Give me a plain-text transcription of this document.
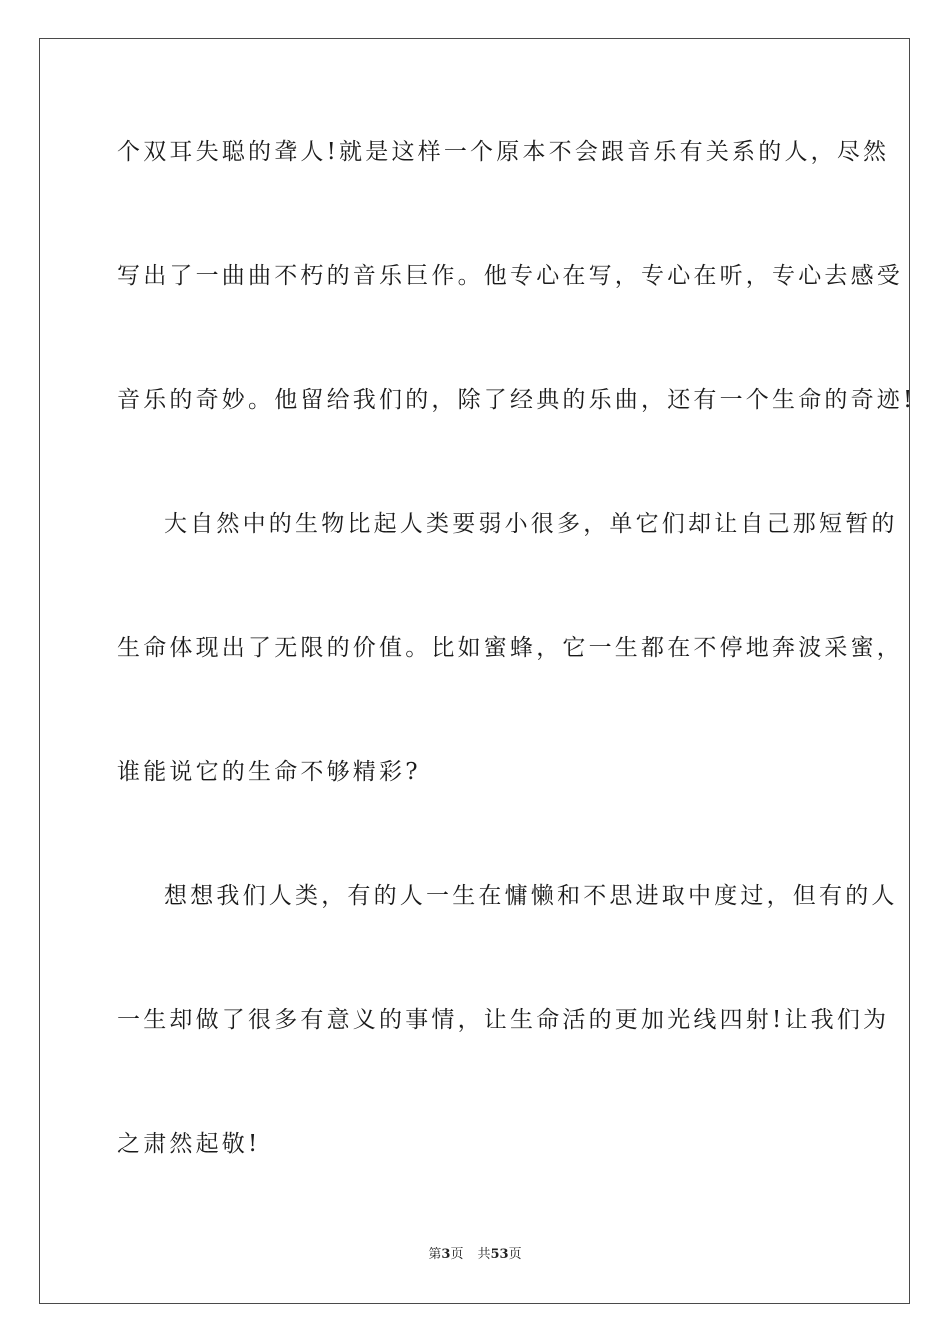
个双耳失聪的聋人!就是这样一个原本不会跟音乐有关系的人，尽然
写出了一曲曲不朽的音乐巨作。他专心在写，专心在听，专心去感受
音乐的奇妙。他留给我们的，除了经典的乐曲，还有一个生命的奇迹!
大自然中的生物比起人类要弱小很多，单它们却让自己那短暂的
生命体现出了无限的价值。比如蜜蜂，它一生都在不停地奔波采蜜，
谁能说它的生命不够精彩?
想想我们人类，有的人一生在慵懒和不思进取中度过，但有的人
一生却做了很多有意义的事情，让生命活的更加光线四射!让我们为
之肃然起敬!
第3页 共53页
